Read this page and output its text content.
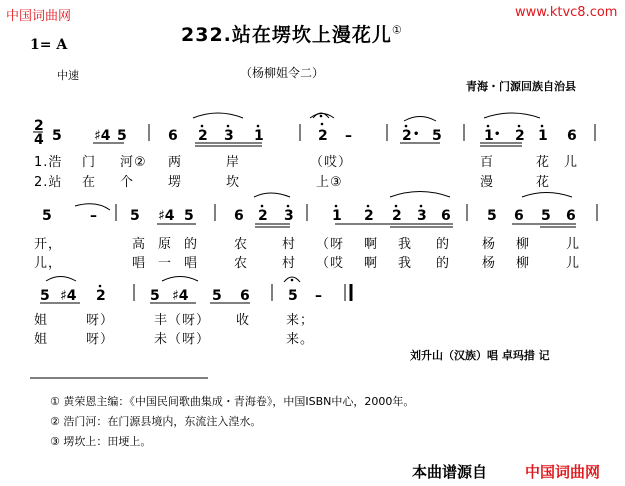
中国词曲网	www.ktvc8.com
232.站在塄坎上漫花儿①
1= A
中速	（杨柳姐令二）
青海・门源回族自治县
2
4 5 ♯4 5	6 2 3 1	2 –	2 • 5	1 • 2 1 6
5	– 5 ♯4 5	6 2 3	1 2 2 3 6	5 6 5 6
5 ♯4 2	5 ♯4 5 6	5 –
1.浩 门 河② 两	岸	（哎）	百	花 儿
2.站 在 个	塄	坎	上③	漫	花
开，	高 原 的	农	村 （呀 啊 我 的 杨 柳	儿
儿，	唱 一 唱	农	村 （哎 啊 我 的 杨 柳	儿
姐	呀）	丰（呀） 收	来；
姐	呀）	未（呀）	来。
刘升山（汉族）唱 卓玛措 记
① 黄荣恩主编：《中国民间歌曲集成・青海卷》，中国ISBN中心，2000年。
② 浩门河：在门源县境内，东流注入湟水。
③ 塄坎上：田埂上。
本曲谱源自	中国词曲网
